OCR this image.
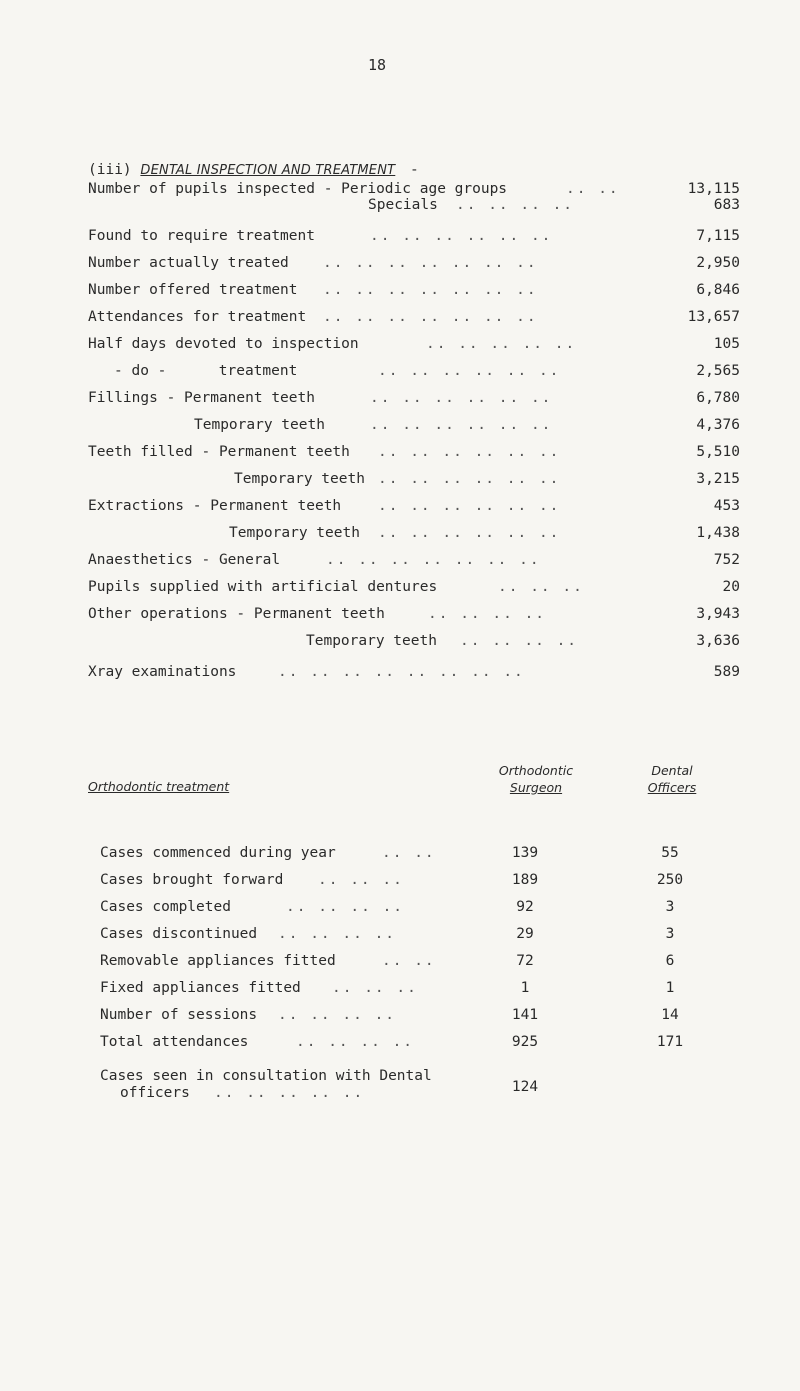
18
(iii) DENTAL INSPECTION AND TREATMENT -
Number of pupils inspected - Periodic age groups	.. ..	13,115
Specials .. .. .. ..	683
Found to require treatment	.. .. .. .. .. ..	7,115
Number actually treated .. .. .. .. .. .. ..	2,950
Number offered treatment .. .. .. .. .. .. ..	6,846
Attendances for treatment .. .. .. .. .. .. ..	13,657
Half days devoted to inspection	.. .. .. .. ..	105
- do -      treatment	.. .. .. .. .. ..	2,565
Fillings - Permanent teeth	.. .. .. .. .. ..	6,780
Temporary teeth	.. .. .. .. .. ..	4,376
Teeth filled - Permanent teeth .. .. .. .. .. ..	5,510
Temporary teeth .. .. .. .. .. ..	3,215
Extractions - Permanent teeth	.. .. .. .. .. ..	453
Temporary teeth .. .. .. .. .. ..	1,438
Anaesthetics - General	.. .. .. .. .. .. ..	752
Pupils supplied with artificial dentures	.. .. ..	20
Other operations - Permanent teeth	.. .. .. ..	3,943
Temporary teeth .. .. .. ..	3,636
Xray examinations	.. .. .. .. .. .. .. ..	589
Orthodontic treatment
Orthodontic
Surgeon
Dental
Officers
Cases commenced during year	.. ..	139	55
Cases brought forward .. .. ..	189	250
Cases completed	.. .. .. ..	92	3
Cases discontinued .. .. .. ..	29	3
Removable appliances fitted	.. ..	72	6
Fixed appliances fitted .. .. ..	1	1
Number of sessions .. .. .. ..	141	14
Total attendances	.. .. .. ..	925	171
Cases seen in consultation with Dental
officers .. .. .. .. ..	124
